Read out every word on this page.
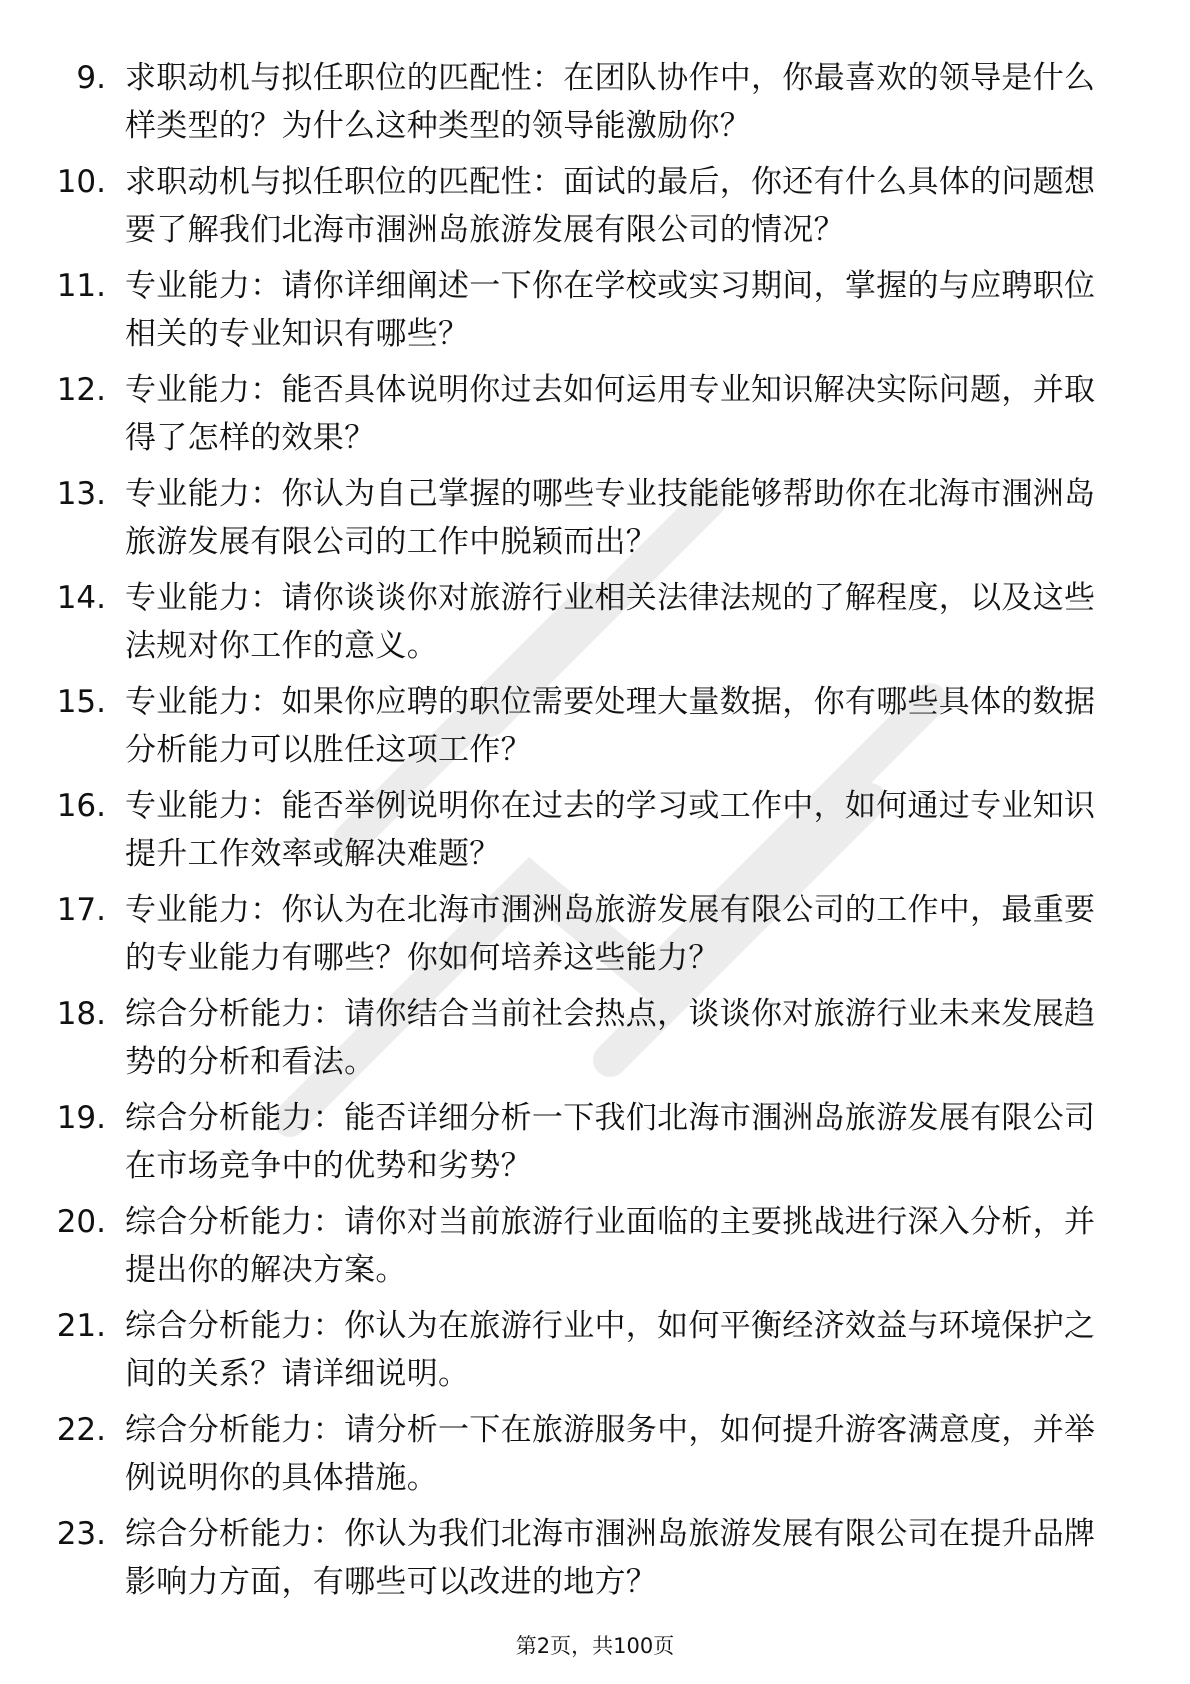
9. 求职动机与拟任职位的匹配性：在团队协作中，你最喜欢的领导是什么样类型的？为什么这种类型的领导能激励你？
10. 求职动机与拟任职位的匹配性：面试的最后，你还有什么具体的问题想要了解我们北海市涠洲岛旅游发展有限公司的情况？
11. 专业能力：请你详细阐述一下你在学校或实习期间，掌握的与应聘职位相关的专业知识有哪些？
12. 专业能力：能否具体说明你过去如何运用专业知识解决实际问题，并取得了怎样的效果？
13. 专业能力：你认为自己掌握的哪些专业技能能够帮助你在北海市涠洲岛旅游发展有限公司的工作中脱颖而出？
14. 专业能力：请你谈谈你对旅游行业相关法律法规的了解程度，以及这些法规对你工作的意义。
15. 专业能力：如果你应聘的职位需要处理大量数据，你有哪些具体的数据分析能力可以胜任这项工作？
16. 专业能力：能否举例说明你在过去的学习或工作中，如何通过专业知识提升工作效率或解决难题？
17. 专业能力：你认为在北海市涠洲岛旅游发展有限公司的工作中，最重要的专业能力有哪些？你如何培养这些能力？
18. 综合分析能力：请你结合当前社会热点，谈谈你对旅游行业未来发展趋势的分析和看法。
19. 综合分析能力：能否详细分析一下我们北海市涠洲岛旅游发展有限公司在市场竞争中的优势和劣势？
20. 综合分析能力：请你对当前旅游行业面临的主要挑战进行深入分析，并提出你的解决方案。
21. 综合分析能力：你认为在旅游行业中，如何平衡经济效益与环境保护之间的关系？请详细说明。
22. 综合分析能力：请分析一下在旅游服务中，如何提升游客满意度，并举例说明你的具体措施。
23. 综合分析能力：你认为我们北海市涠洲岛旅游发展有限公司在提升品牌影响力方面，有哪些可以改进的地方？
第2页，共100页
